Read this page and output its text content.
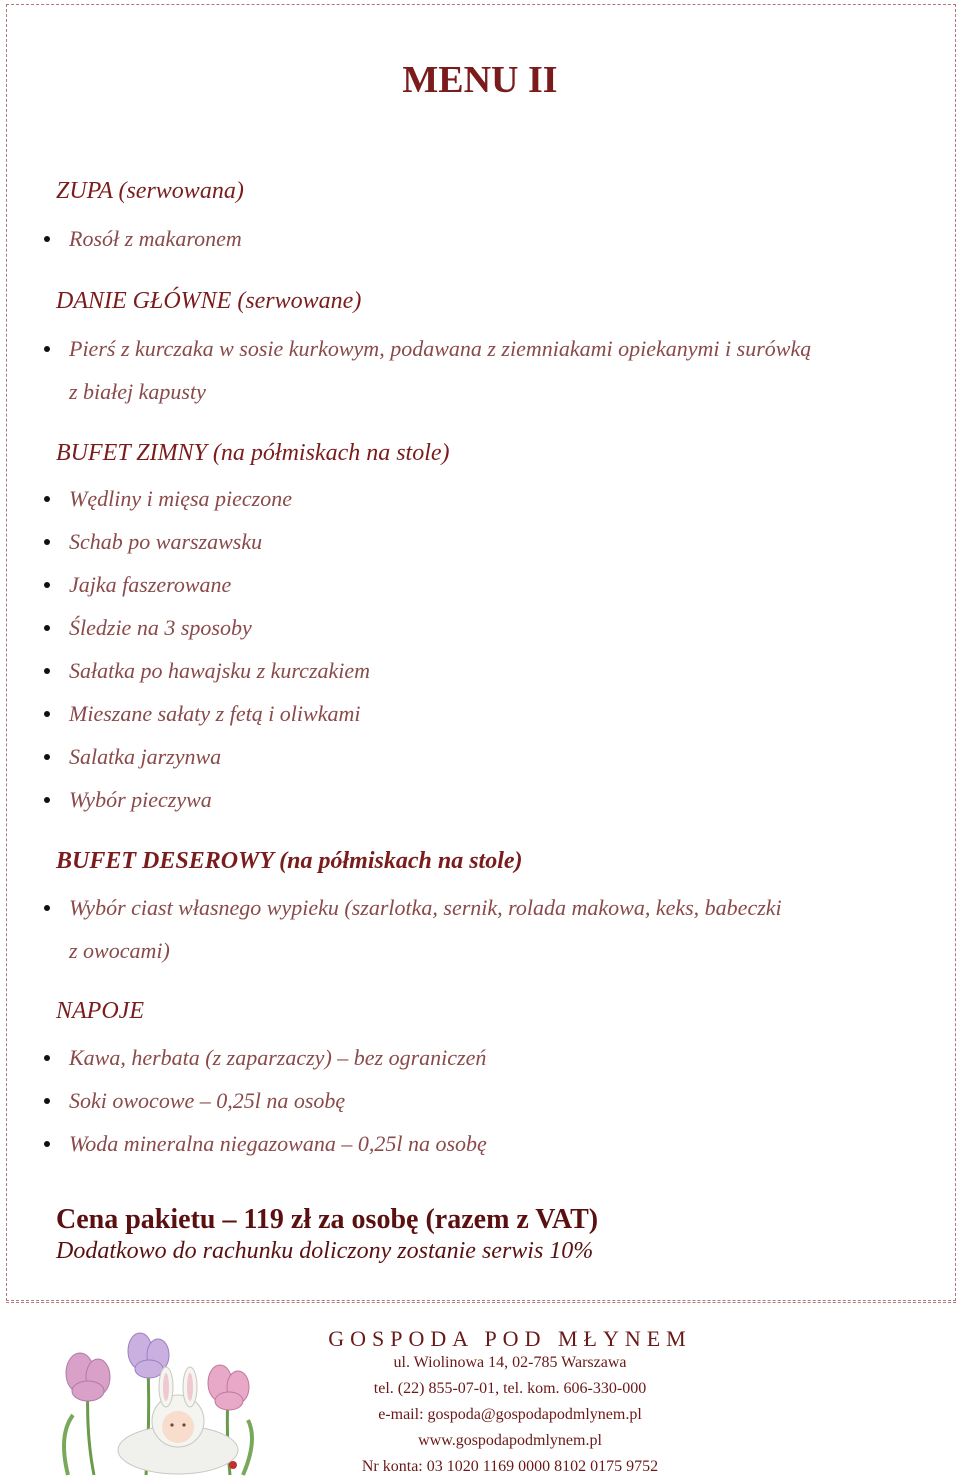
MENU II
ZUPA (serwowana)
Rosół z makaronem
DANIE GŁÓWNE (serwowane)
Pierś z kurczaka w sosie kurkowym, podawana z ziemniakami opiekanymi i surówką
z białej kapusty
BUFET ZIMNY (na półmiskach na stole)
Wędliny i mięsa pieczone
Schab po warszawsku
Jajka faszerowane
Śledzie na 3 sposoby
Sałatka po hawajsku z kurczakiem
Mieszane sałaty z fetą i oliwkami
Salatka jarzynwa
Wybór pieczywa
BUFET DESEROWY (na półmiskach na stole)
Wybór ciast własnego wypieku (szarlotka, sernik, rolada makowa, keks, babeczki
z owocami)
NAPOJE
Kawa, herbata (z zaparzaczy) – bez ograniczeń
Soki owocowe – 0,25l na osobę
Woda mineralna niegazowana – 0,25l na osobę
Cena pakietu – 119 zł za osobę (razem z VAT)
Dodatkowo do rachunku doliczony zostanie serwis 10%
GOSPODA POD MŁYNEM
ul. Wiolinowa 14, 02-785 Warszawa
tel. (22) 855-07-01, tel. kom. 606-330-000
e-mail: gospoda@gospodapodmlynem.pl
www.gospodapodmlynem.pl
Nr konta: 03 1020 1169 0000 8102 0175 9752
